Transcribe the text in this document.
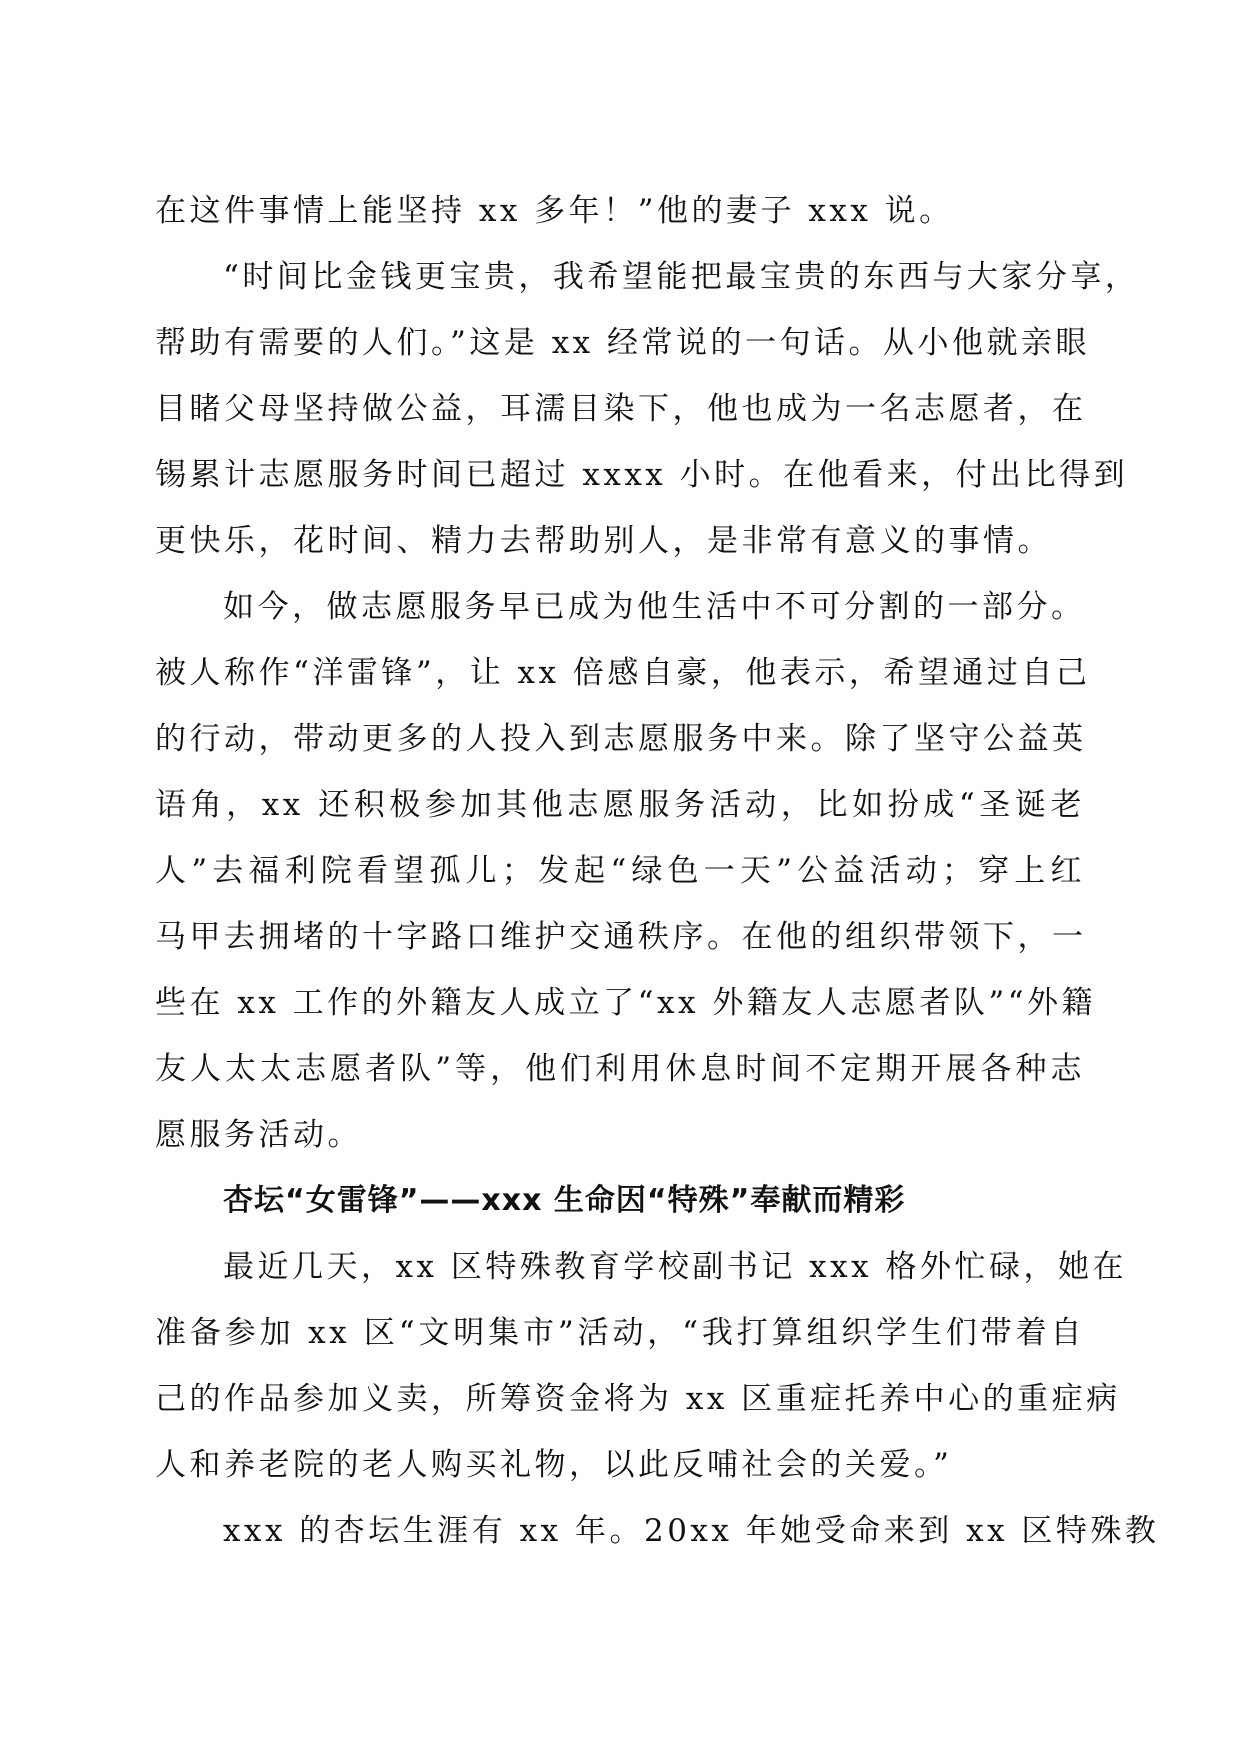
在这件事情上能坚持 xx 多年！”他的妻子 xxx 说。
“时间比金钱更宝贵，我希望能把最宝贵的东西与大家分享，
帮助有需要的人们。”这是 xx 经常说的一句话。从小他就亲眼
目睹父母坚持做公益，耳濡目染下，他也成为一名志愿者，在
锡累计志愿服务时间已超过 xxxx 小时。在他看来，付出比得到
更快乐，花时间、精力去帮助别人，是非常有意义的事情。
如今，做志愿服务早已成为他生活中不可分割的一部分。
被人称作“洋雷锋”，让 xx 倍感自豪，他表示，希望通过自己
的行动，带动更多的人投入到志愿服务中来。除了坚守公益英
语角，xx 还积极参加其他志愿服务活动，比如扮成“圣诞老
人”去福利院看望孤儿；发起“绿色一天”公益活动；穿上红
马甲去拥堵的十字路口维护交通秩序。在他的组织带领下，一
些在 xx 工作的外籍友人成立了“xx 外籍友人志愿者队”“外籍
友人太太志愿者队”等，他们利用休息时间不定期开展各种志
愿服务活动。
杏坛“女雷锋”——xxx 生命因“特殊”奉献而精彩
最近几天，xx 区特殊教育学校副书记 xxx 格外忙碌，她在
准备参加 xx 区“文明集市”活动，“我打算组织学生们带着自
己的作品参加义卖，所筹资金将为 xx 区重症托养中心的重症病
人和养老院的老人购买礼物，以此反哺社会的关爱。”
xxx 的杏坛生涯有 xx 年。20xx 年她受命来到 xx 区特殊教
